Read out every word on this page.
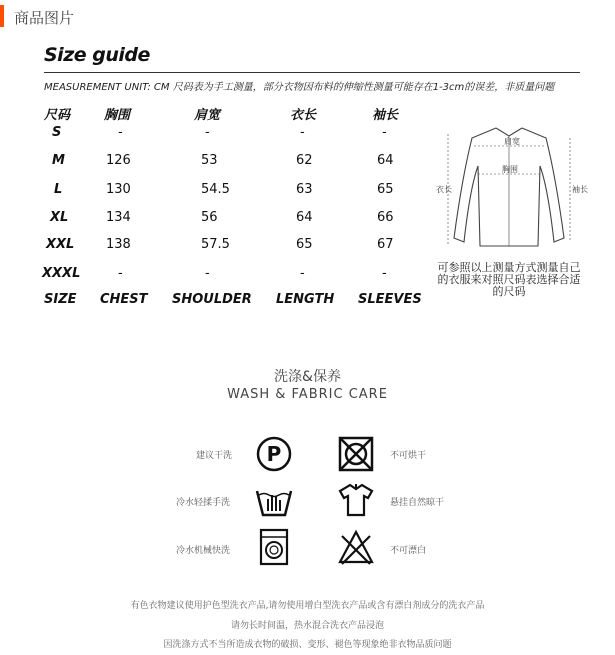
商品图片
Size guide
MEASUREMENT UNIT: CM 尺码表为手工测量，部分衣物因布料的伸缩性测量可能存在1-3cm的误差，非质量问题
尺码	胸围	肩宽	衣长	袖长
S	-	-	-	-
M	126	53	62	64
L	130	54.5	63	65
XL	134	56	64	66
XXL 138	57.5	65	67
XXXL	-	-	-	-
SIZE CHEST SHOULDER LENGTH SLEEVES
肩宽
胸围
衣长	袖长
可参照以上测量方式测量自己的衣服来对照尺码表选择合适的尺码
洗涤&保养
WASH & FABRIC CARE
建议干洗 P	不可烘干
冷水轻揉手洗	悬挂自然晾干
冷水机械快洗	不可漂白
有色衣物建议使用护色型洗衣产品,请勿使用增白型洗衣产品或含有漂白剂成分的洗衣产品
请勿长时间温，热水混合洗衣产品浸泡
因洗涤方式不当所造成衣物的破损、变形、褪色等现象绝非衣物品质问题
